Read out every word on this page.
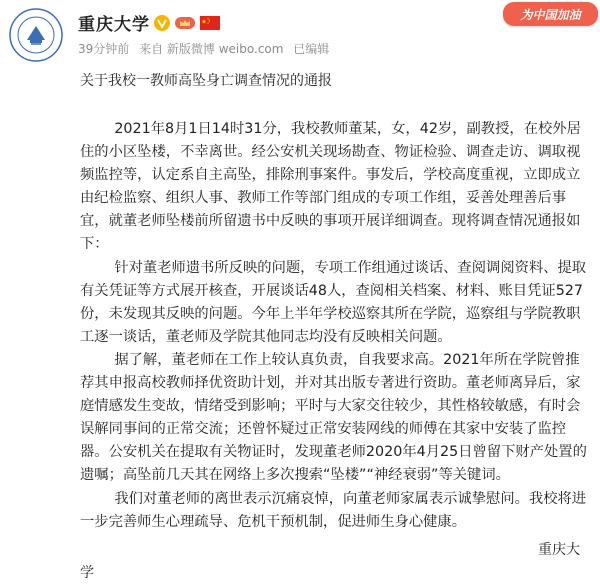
重庆大学
39分钟前 来自 新版微博 weibo.com 已编辑
为中国加油
关于我校一教师高坠身亡调查情况的通报

2021年8月1日14时31分，我校教师董某，女，42岁，副教授，在校外居住的小区坠楼，不幸离世。经公安机关现场勘查、物证检验、调查走访、调取视频监控等，认定系自主高坠，排除刑事案件。事发后，学校高度重视，立即成立由纪检监察、组织人事、教师工作等部门组成的专项工作组，妥善处理善后事宜，就董老师坠楼前所留遗书中反映的事项开展详细调查。现将调查情况通报如下：

针对董老师遗书所反映的问题，专项工作组通过谈话、查阅调阅资料、提取有关凭证等方式展开核查，开展谈话48人，查阅相关档案、材料、账目凭证527份，未发现其反映的问题。今年上半年学校巡察其所在学院，巡察组与学院教职工逐一谈话，董老师及学院其他同志均没有反映相关问题。

据了解，董老师在工作上较认真负责，自我要求高。2021年所在学院曾推荐其申报高校教师择优资助计划，并对其出版专著进行资助。董老师离异后，家庭情感发生变故，情绪受到影响；平时与大家交往较少，其性格较敏感，有时会误解同事间的正常交流；还曾怀疑过正常安装网线的师傅在其家中安装了监控器。公安机关在提取有关物证时，发现董老师2020年4月25日曾留下财产处置的遗嘱；高坠前几天其在网络上多次搜索“坠楼”“神经衰弱”等关键词。

我们对董老师的离世表示沉痛哀悼，向董老师家属表示诚挚慰问。我校将进一步完善师生心理疏导、危机干预机制，促进师生身心健康。

重庆大
学
